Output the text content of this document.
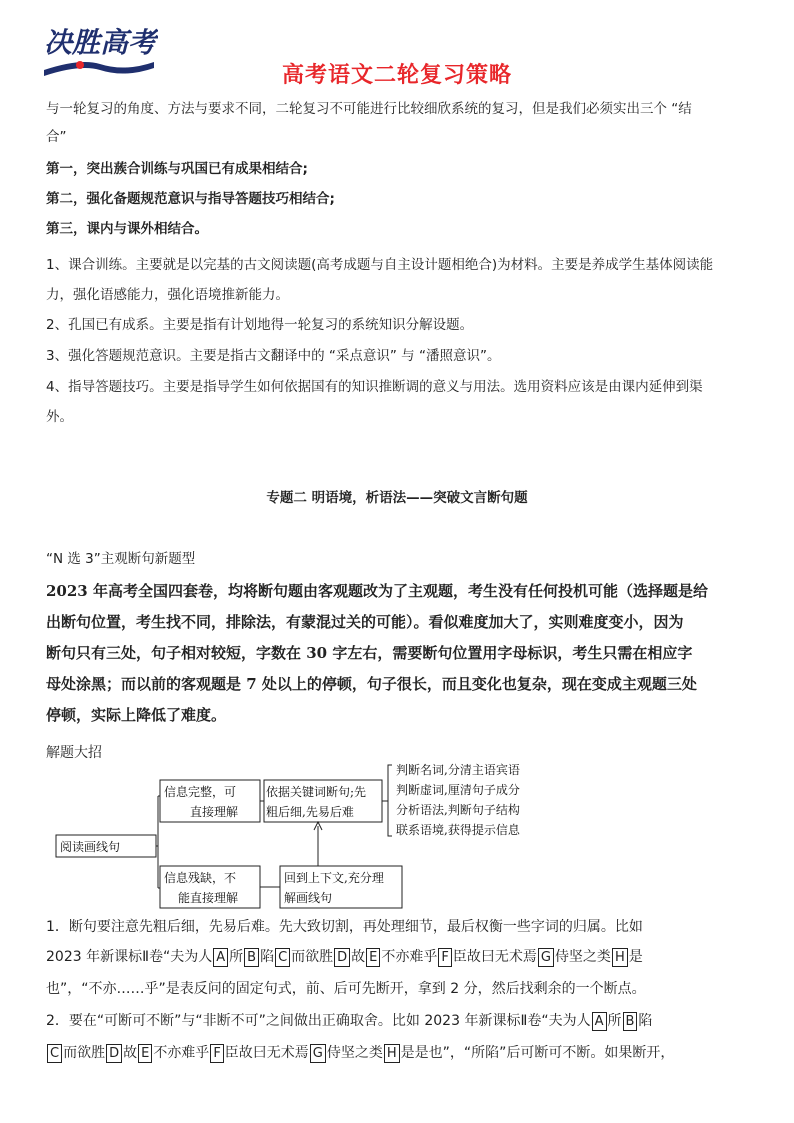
决胜高考
高考语文二轮复习策略
与一轮复习的角度、方法与要求不同，二轮复习不可能进行比较细欣系统的复习，但是我们必须实出三个 “结
合”
第一，突出蔟合训练与巩国已有成果相结合;
第二，强化备题规范意识与指导答题技巧相结合;
第三，课内与课外相结合。
1、课合训练。主要就是以完基的古文阅读题(高考成题与自主设计题相绝合)为材料。主要是养成学生基体阅读能
力，强化语感能力，强化语境推新能力。
2、孔国已有成系。主要是指有计划地得一轮复习的系统知识分解设题。
3、强化答题规范意识。主要是指古文翻译中的 “采点意识” 与 “潘照意识”。
4、指导答题技巧。主要是指导学生如何依据国有的知识推断调的意义与用法。选用资料应该是由课内延伸到渠
外。
专题二 明语境，析语法——突破文言断句题
“N 选 3”主观断句新题型
2023 年高考全国四套卷，均将断句题由客观题改为了主观题，考生没有任何投机可能（选择题是给
出断句位置，考生找不同，排除法，有蒙混过关的可能）。看似难度加大了，实则难度变小，因为
断句只有三处，句子相对较短，字数在 30 字左右，需要断句位置用字母标识，考生只需在相应字
母处涂黑；而以前的客观题是 7 处以上的停顿，句子很长，而且变化也复杂，现在变成主观题三处
停顿，实际上降低了难度。
解题大招
阅读画线句
信息完整，可
直接理解
依据关键词断句;先
粗后细,先易后难
信息残缺，不
能直接理解
回到上下文,充分理
解画线句
判断名词,分清主语宾语
判断虚词,厘清句子成分
分析语法,判断句子结构
联系语境,获得提示信息
1．断句要注意先粗后细，先易后难。先大致切割，再处理细节，最后权衡一些字词的归属。比如
2023 年新课标Ⅱ卷“夫为人 A 所 B 陷 C 而欲胜 D 故 E 不亦难乎 F 臣故曰无术焉 G 侍坚之类 H 是
也”，“不亦……乎”是表反问的固定句式，前、后可先断开，拿到 2 分，然后找剩余的一个断点。
2．要在“可断可不断”与“非断不可”之间做出正确取舍。比如 2023 年新课标Ⅱ卷“夫为人 A 所 B 陷
C 而欲胜 D 故 E 不亦难乎 F 臣故曰无术焉 G 侍坚之类 H 是是也”，“所陷”后可断可不断。如果断开，
